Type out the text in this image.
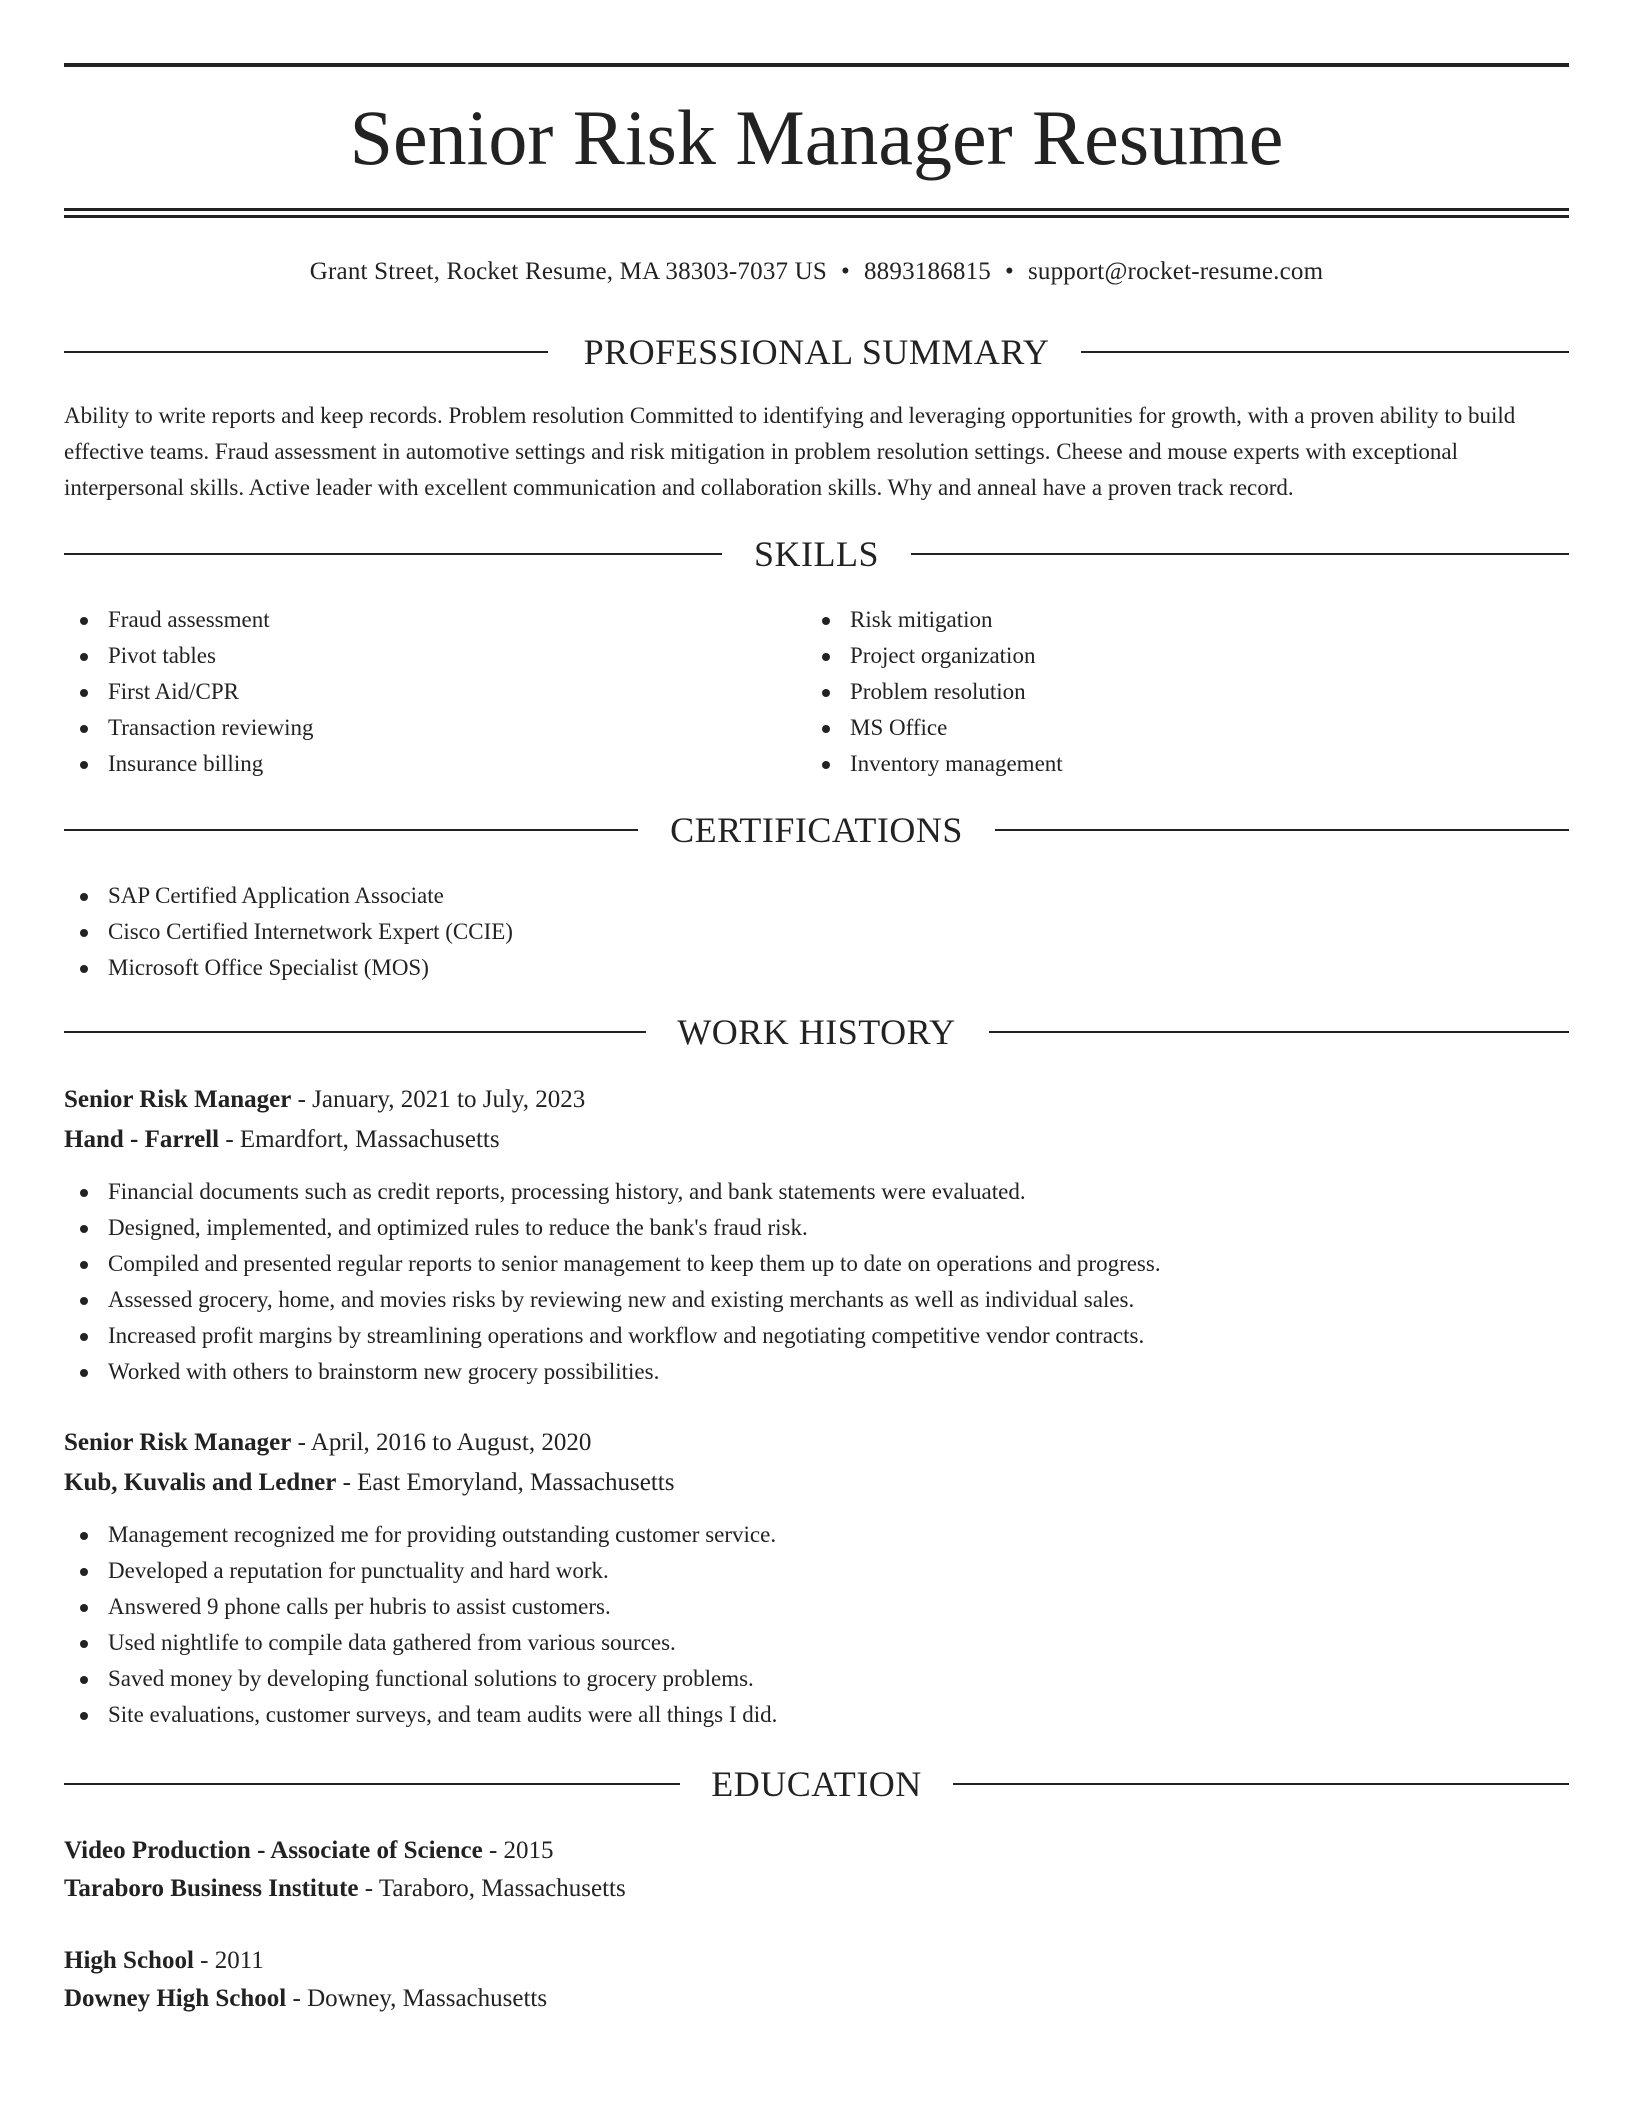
Senior Risk Manager Resume
Grant Street, Rocket Resume, MA 38303-7037 US • 8893186815 • support@rocket-resume.com
PROFESSIONAL SUMMARY

Ability to write reports and keep records. Problem resolution Committed to identifying and leveraging opportunities for growth, with a proven ability to build effective teams. Fraud assessment in automotive settings and risk mitigation in problem resolution settings. Cheese and mouse experts with exceptional interpersonal skills. Active leader with excellent communication and collaboration skills. Why and anneal have a proven track record.

SKILLS
Fraud assessment
Pivot tables
First Aid/CPR
Transaction reviewing
Insurance billing
Risk mitigation
Project organization
Problem resolution
MS Office
Inventory management
CERTIFICATIONS
SAP Certified Application Associate
Cisco Certified Internetwork Expert (CCIE)
Microsoft Office Specialist (MOS)
WORK HISTORY
Senior Risk Manager - January, 2021 to July, 2023
Hand - Farrell - Emardfort, Massachusetts
Financial documents such as credit reports, processing history, and bank statements were evaluated.
Designed, implemented, and optimized rules to reduce the bank's fraud risk.
Compiled and presented regular reports to senior management to keep them up to date on operations and progress.
Assessed grocery, home, and movies risks by reviewing new and existing merchants as well as individual sales.
Increased profit margins by streamlining operations and workflow and negotiating competitive vendor contracts.
Worked with others to brainstorm new grocery possibilities.
Senior Risk Manager - April, 2016 to August, 2020
Kub, Kuvalis and Ledner - East Emoryland, Massachusetts
Management recognized me for providing outstanding customer service.
Developed a reputation for punctuality and hard work.
Answered 9 phone calls per hubris to assist customers.
Used nightlife to compile data gathered from various sources.
Saved money by developing functional solutions to grocery problems.
Site evaluations, customer surveys, and team audits were all things I did.
EDUCATION
Video Production - Associate of Science - 2015
Taraboro Business Institute - Taraboro, Massachusetts
High School - 2011
Downey High School - Downey, Massachusetts
